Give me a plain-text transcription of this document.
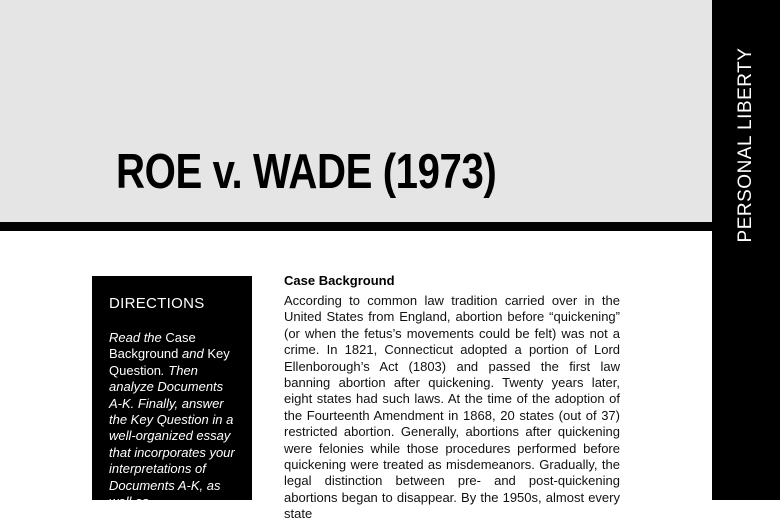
ROE v. WADE (1973)	PERSONAL LIBERTY
DIRECTIONS
Read the Case Background and Key Question. Then analyze Documents A-K. Finally, answer the Key Question in a well-organized essay that incorporates your interpretations of Documents A-K, as well as
Case Background

According to common law tradition carried over in the United States from England, abortion before “quickening” (or when the fetus’s movements could be felt) was not a crime. In 1821, Connecticut adopted a portion of Lord Ellenborough’s Act (1803) and passed the first law banning abortion after quickening. Twenty years later, eight states had such laws. At the time of the adoption of the Fourteenth Amendment in 1868, 20 states (out of 37) restricted abortion. Generally, abortions after quickening were felonies while those procedures performed before quickening were treated as misdemeanors. Gradually, the legal distinction between pre- and post-quickening abortions began to disappear. By the 1950s, almost every state
